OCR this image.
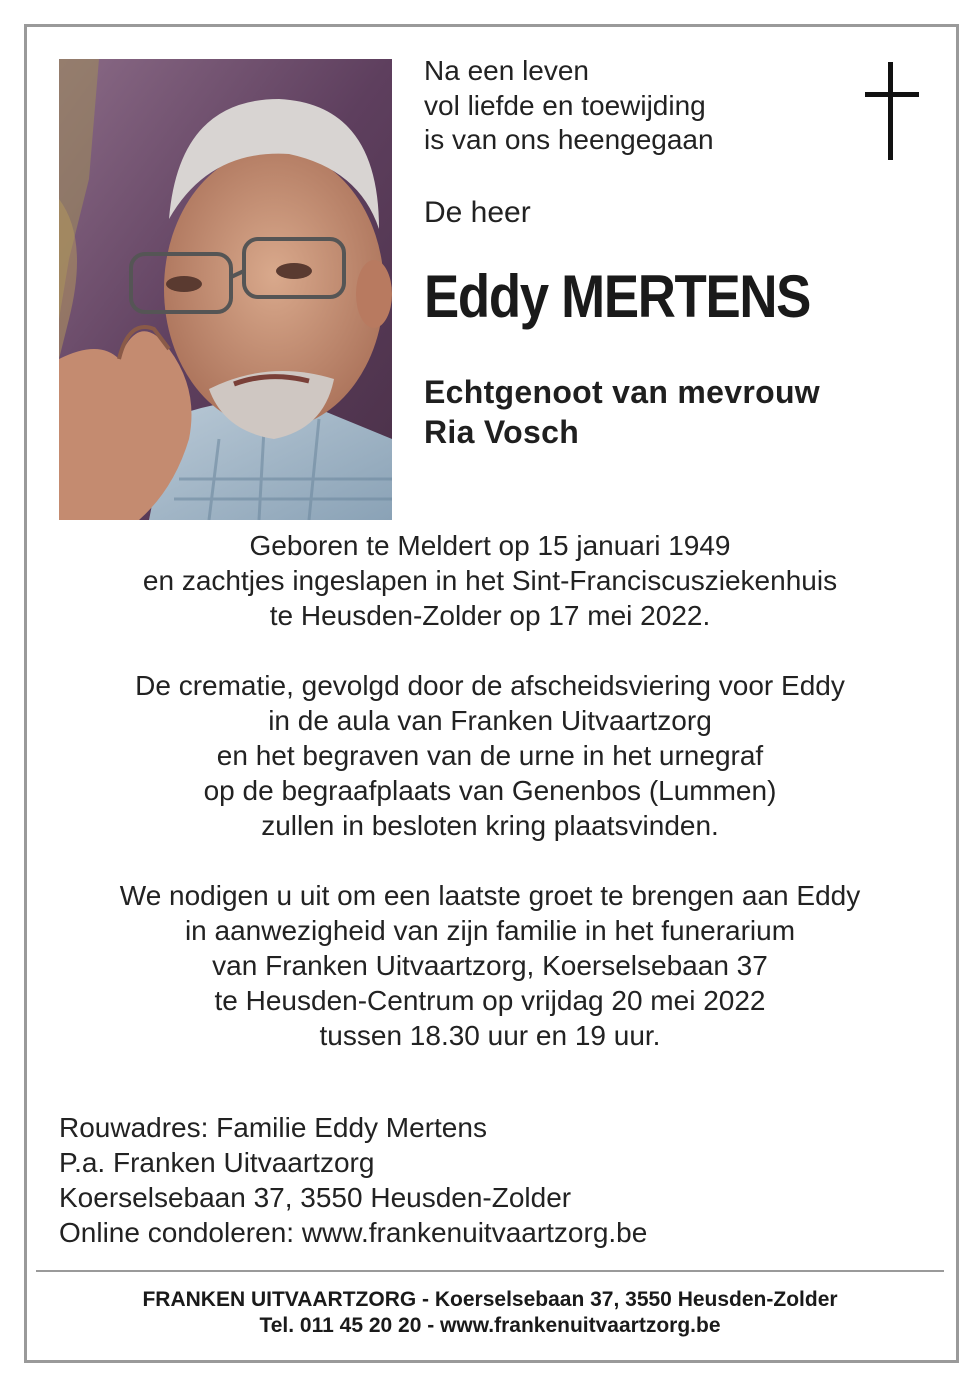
Na een leven
vol liefde en toewijding
is van ons heengegaan
De heer
Eddy MERTENS
Echtgenoot van mevrouw
Ria Vosch
Geboren te Meldert op 15 januari 1949
en zachtjes ingeslapen in het Sint-Franciscusziekenhuis
te Heusden-Zolder op 17 mei 2022.
De crematie, gevolgd door de afscheidsviering voor Eddy
in de aula van Franken Uitvaartzorg
en het begraven van de urne in het urnegraf
op de begraafplaats van Genenbos (Lummen)
zullen in besloten kring plaatsvinden.
We nodigen u uit om een laatste groet te brengen aan Eddy
in aanwezigheid van zijn familie in het funerarium
van Franken Uitvaartzorg, Koerselsebaan 37
te Heusden-Centrum op vrijdag 20 mei 2022
tussen 18.30 uur en 19 uur.
Rouwadres: Familie Eddy Mertens
P.a. Franken Uitvaartzorg
Koerselsebaan 37, 3550 Heusden-Zolder
Online condoleren: www.frankenuitvaartzorg.be
FRANKEN UITVAARTZORG - Koerselsebaan 37, 3550 Heusden-Zolder
Tel. 011 45 20 20 - www.frankenuitvaartzorg.be
